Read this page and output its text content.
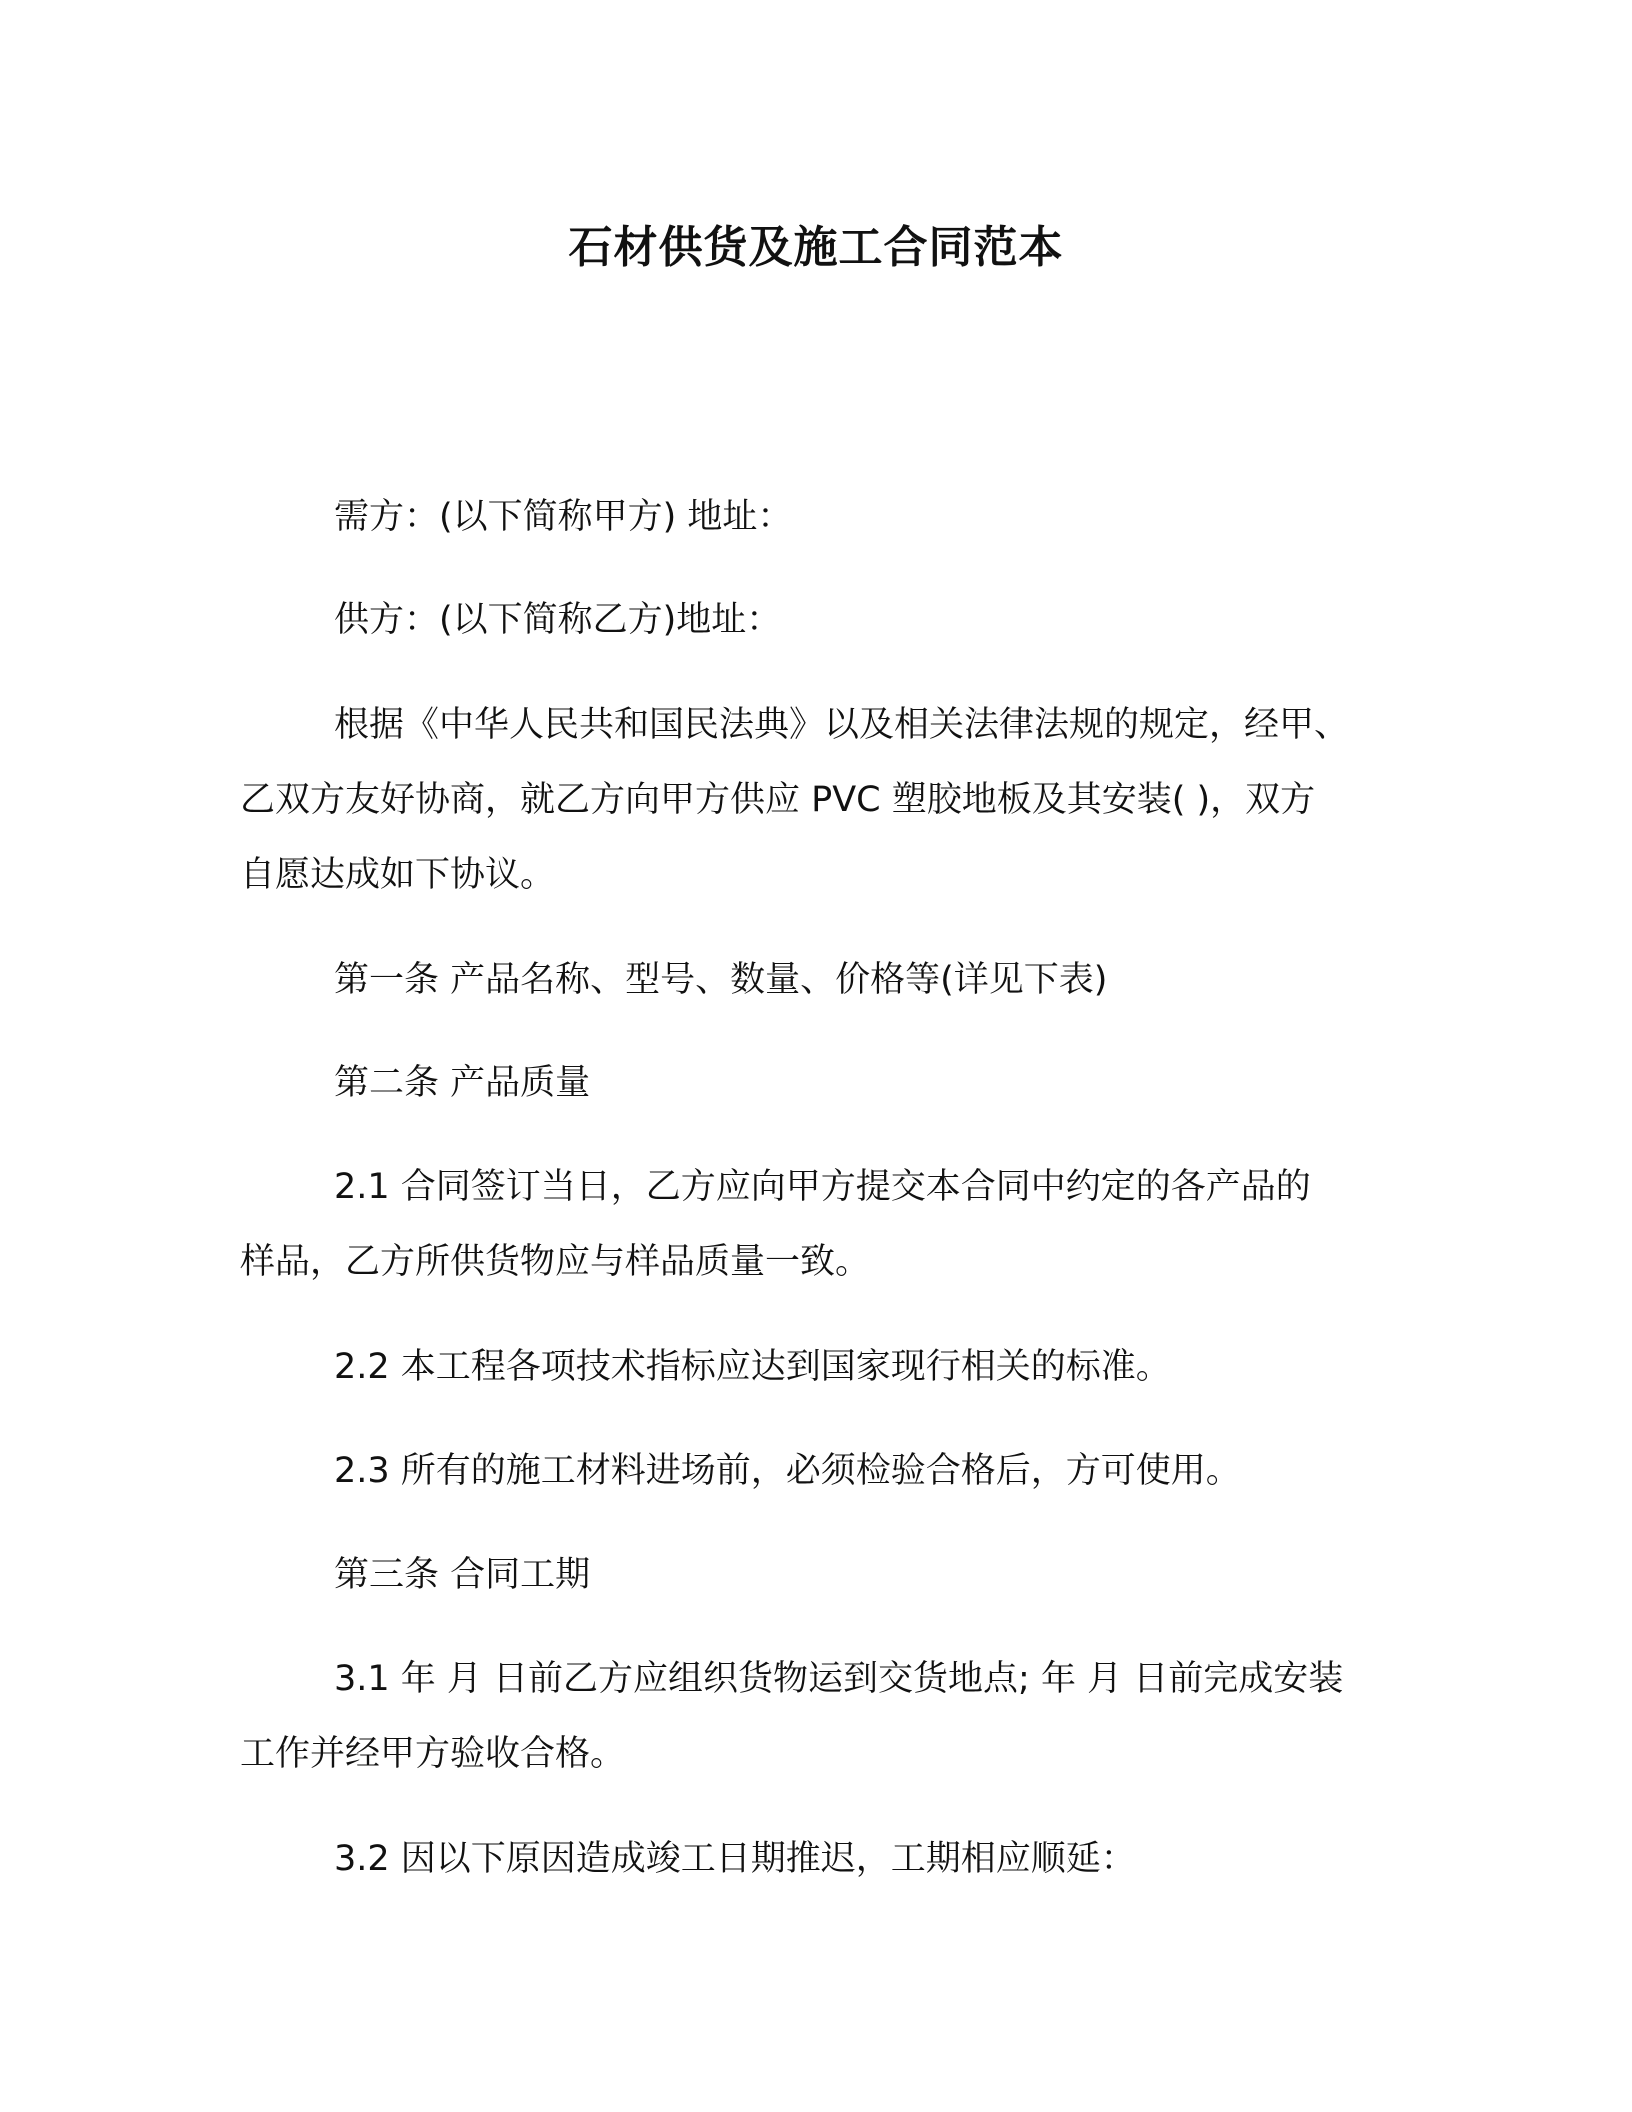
石材供货及施工合同范本
需方：(以下简称甲方) 地址：
供方：(以下简称乙方)地址：
根据《中华人民共和国民法典》以及相关法律法规的规定，经甲、
乙双方友好协商，就乙方向甲方供应 PVC 塑胶地板及其安装( )，双方
自愿达成如下协议。
第一条 产品名称、型号、数量、价格等(详见下表)
第二条 产品质量
2.1 合同签订当日，乙方应向甲方提交本合同中约定的各产品的
样品，乙方所供货物应与样品质量一致。
2.2 本工程各项技术指标应达到国家现行相关的标准。
2.3 所有的施工材料进场前，必须检验合格后，方可使用。
第三条 合同工期
3.1 年 月 日前乙方应组织货物运到交货地点; 年 月 日前完成安装
工作并经甲方验收合格。
3.2 因以下原因造成竣工日期推迟，工期相应顺延：
